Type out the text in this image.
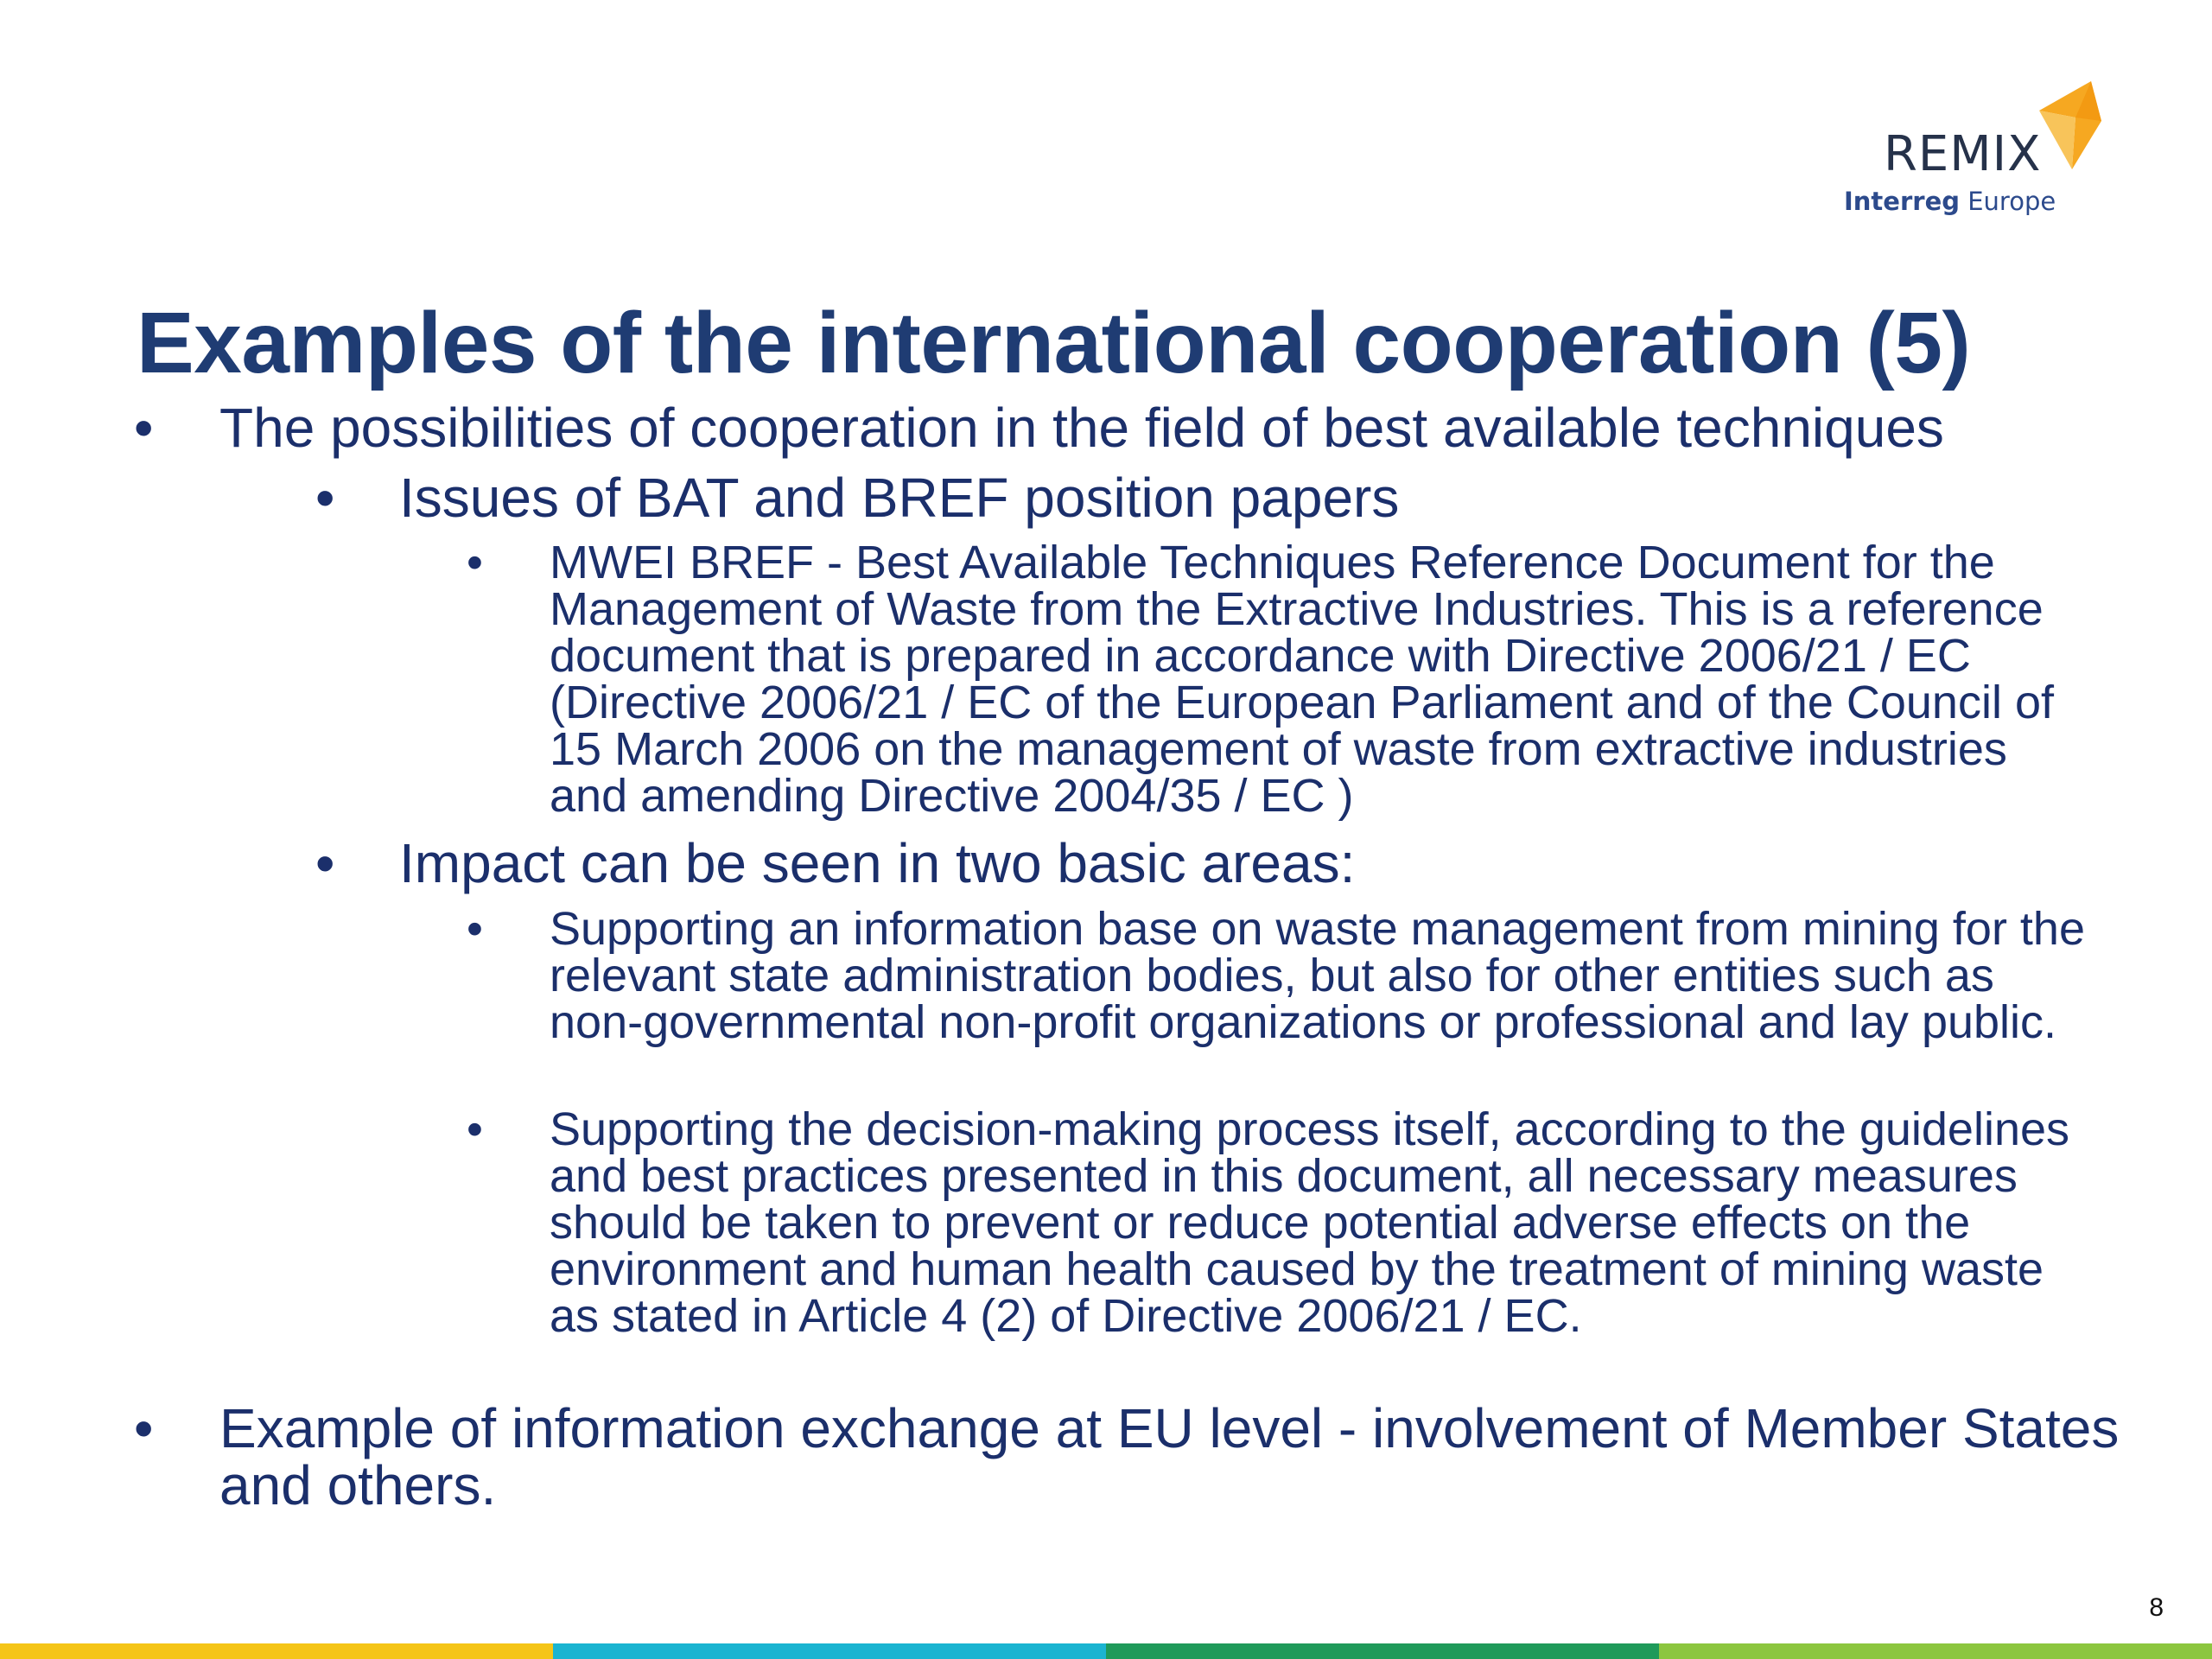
REMIX
Interreg Europe
Examples of the international cooperation (5)
• The possibilities of cooperation in the field of best available techniques
• Issues of BAT and BREF position papers
• MWEI BREF - Best Available Techniques Reference Document for the Management of Waste from the Extractive Industries. This is a reference document that is prepared in accordance with Directive 2006/21 / EC (Directive 2006/21 / EC of the European Parliament and of the Council of 15 March 2006 on the management of waste from extractive industries and amending Directive 2004/35 / EC )
• Impact can be seen in two basic areas:
• Supporting an information base on waste management from mining for the relevant state administration bodies, but also for other entities such as non-governmental non-profit organizations or professional and lay public.
• Supporting the decision-making process itself, according to the guidelines and best practices presented in this document, all necessary measures should be taken to prevent or reduce potential adverse effects on the environment and human health caused by the treatment of mining waste as stated in Article 4 (2) of Directive 2006/21 / EC.
• Example of information exchange at EU level - involvement of Member States and others.
8
